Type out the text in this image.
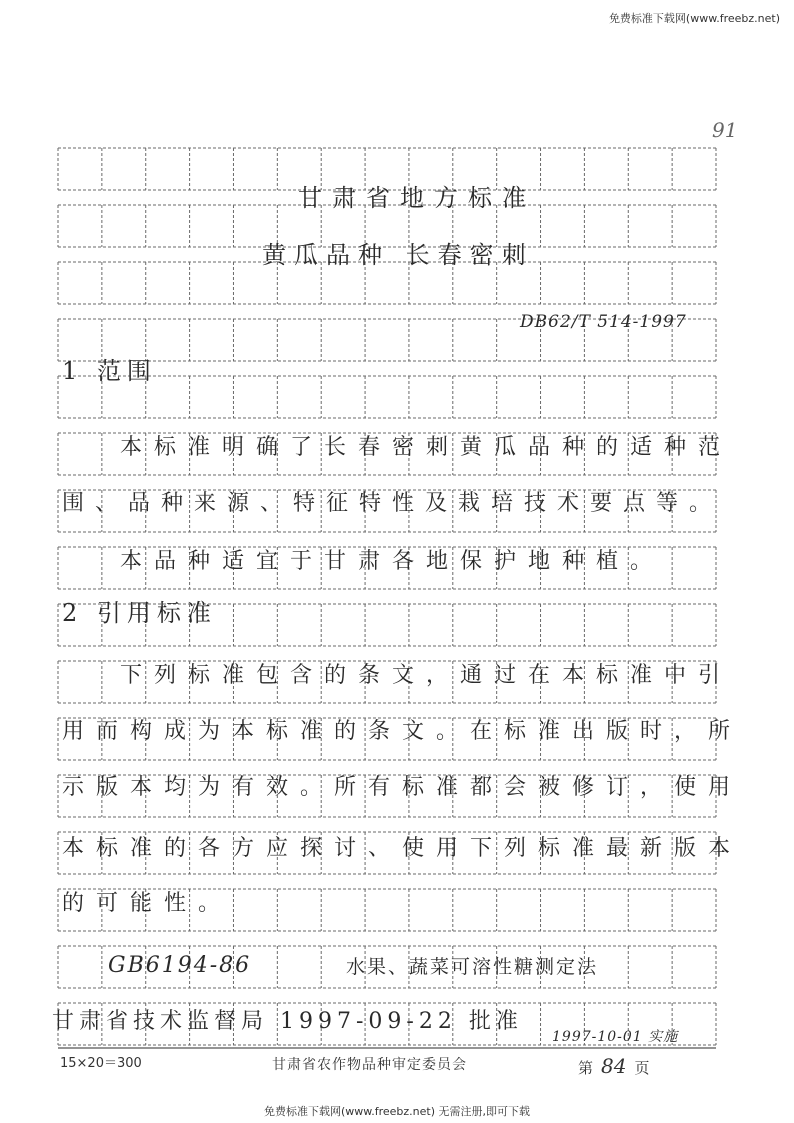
免费标准下载网(www.freebz.net)
91
甘肃省地方标准
黄瓜品种 长春密刺
DB62/T 514-1997
1 范围
本标准明确了长春密刺黄瓜品种的适种范
围、品种来源、特征特性及栽培技术要点等。
本品种适宜于甘肃各地保护地种植。
2 引用标准
下列标准包含的条文，通过在本标准中引
用而构成为本标准的条文。在标准出版时，所
示版本均为有效。所有标准都会被修订，使用
本标准的各方应探讨、使用下列标准最新版本
的可能性。
GB6194-86	水果、蔬菜可溶性糖测定法
甘肃省技术监督局 1997-09-22 批准
1997-10-01 实施
15×20＝300	甘肃省农作物品种审定委员会	第 84 页
免费标准下载网(www.freebz.net) 无需注册,即可下载
